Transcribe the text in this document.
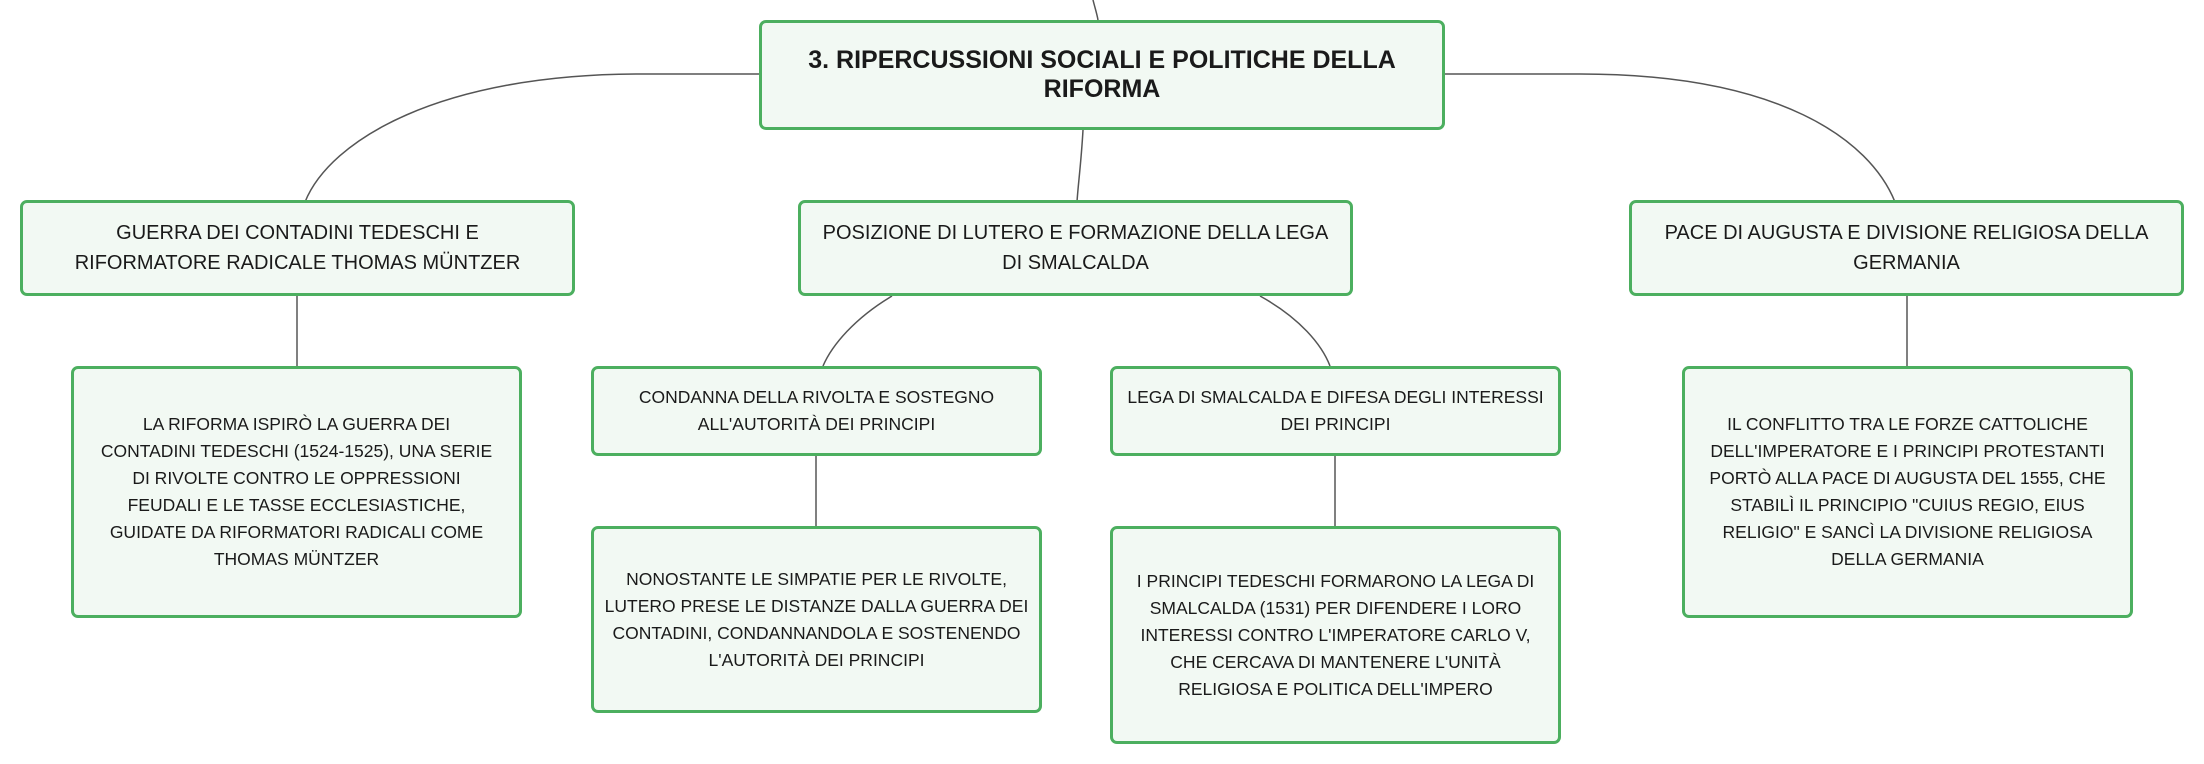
3. RIPERCUSSIONI SOCIALI E POLITICHE DELLA RIFORMA
GUERRA DEI CONTADINI TEDESCHI E RIFORMATORE RADICALE THOMAS MÜNTZER
POSIZIONE DI LUTERO E FORMAZIONE DELLA LEGA DI SMALCALDA
PACE DI AUGUSTA E DIVISIONE RELIGIOSA DELLA GERMANIA
LA RIFORMA ISPIRÒ LA GUERRA DEI CONTADINI TEDESCHI (1524-1525), UNA SERIE DI RIVOLTE CONTRO LE OPPRESSIONI FEUDALI E LE TASSE ECCLESIASTICHE, GUIDATE DA RIFORMATORI RADICALI COME THOMAS MÜNTZER
CONDANNA DELLA RIVOLTA E SOSTEGNO ALL'AUTORITÀ DEI PRINCIPI
LEGA DI SMALCALDA E DIFESA DEGLI INTERESSI DEI PRINCIPI
NONOSTANTE LE SIMPATIE PER LE RIVOLTE, LUTERO PRESE LE DISTANZE DALLA GUERRA DEI CONTADINI, CONDANNANDOLA E SOSTENENDO L'AUTORITÀ DEI PRINCIPI
I PRINCIPI TEDESCHI FORMARONO LA LEGA DI SMALCALDA (1531) PER DIFENDERE I LORO INTERESSI CONTRO L'IMPERATORE CARLO V, CHE CERCAVA DI MANTENERE L'UNITÀ RELIGIOSA E POLITICA DELL'IMPERO
IL CONFLITTO TRA LE FORZE CATTOLICHE DELL'IMPERATORE E I PRINCIPI PROTESTANTI PORTÒ ALLA PACE DI AUGUSTA DEL 1555, CHE STABILÌ IL PRINCIPIO "CUIUS REGIO, EIUS RELIGIO" E SANCÌ LA DIVISIONE RELIGIOSA DELLA GERMANIA
